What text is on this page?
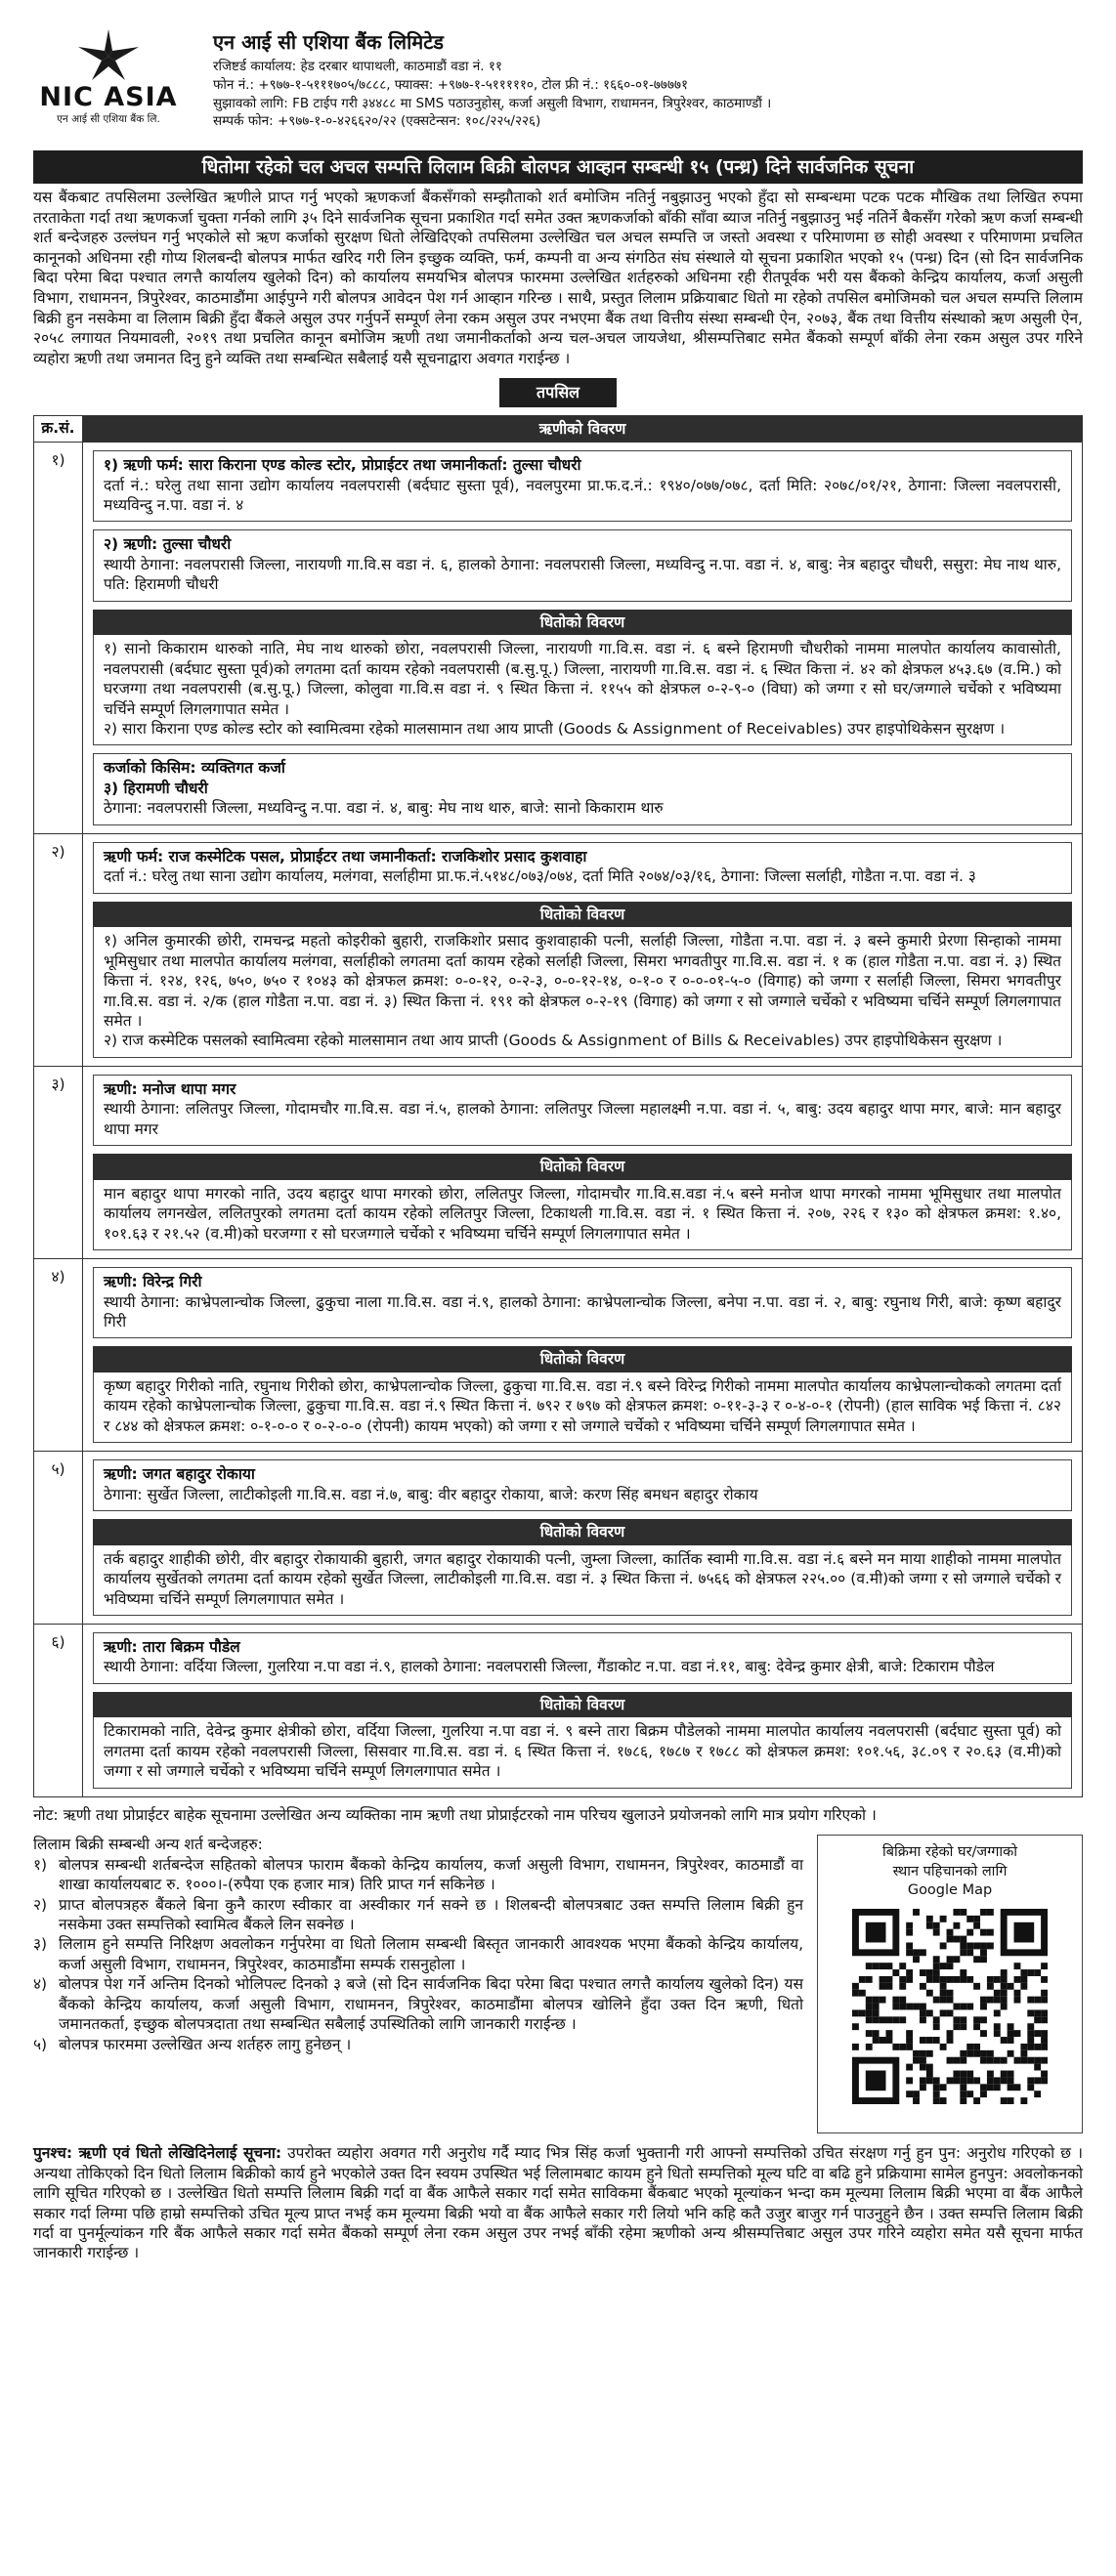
NIC ASIA
एन आई सी एशिया बैंक लि.
एन आई सी एशिया बैंक लिमिटेड
रजिष्टर्ड कार्यालय: हेड दरबार थापाथली, काठमाडौं वडा नं. ११
फोन नं.: +९७७-१-५१११७०५/७८८८, फ्याक्स: +९७७-१-५१११११०, टोल फ्री नं.: १६६०-०१-७७७७१
सुझावको लागि: FB टाईप गरी ३४४८८ मा SMS पठाउनुहोस्, कर्जा असुली विभाग, राधामनन, त्रिपुरेश्वर, काठमाण्डौं ।
सम्पर्क फोन: +९७७-१-०-४२६६२०/२२ (एक्सटेन्सन: १०८/२२५/२२६)
धितोमा रहेको चल अचल सम्पत्ति लिलाम बिक्री बोलपत्र आव्हान सम्बन्धी १५ (पन्ध्र) दिने सार्वजनिक सूचना
यस बैंकबाट तपसिलमा उल्लेखित ऋणीले प्राप्त गर्नु भएको ऋणकर्जा बैंकसँगको सम्झौताको शर्त बमोजिम नतिर्नु नबुझाउनु भएको हुँदा सो सम्बन्धमा पटक पटक मौखिक तथा लिखित रुपमा तरताकेता गर्दा तथा ऋणकर्जा चुक्ता गर्नको लागि ३५ दिने सार्वजनिक सूचना प्रकाशित गर्दा समेत उक्त ऋणकर्जाको बाँकी साँवा ब्याज नतिर्नु नबुझाउनु भई नतिर्ने बैकसँग गरेको ऋण कर्जा सम्बन्धी शर्त बन्देजहरु उल्लंघन गर्नु भएकोले सो ऋण कर्जाको सुरक्षण धितो लेखिदिएको तपसिलमा उल्लेखित चल अचल सम्पत्ति ज जस्तो अवस्था र परिमाणमा छ सोही अवस्था र परिमाणमा प्रचलित कानूनको अधिनमा रही गोप्य शिलबन्दी बोलपत्र मार्फत खरिद गरी लिन इच्छुक व्यक्ति, फर्म, कम्पनी वा अन्य संगठित संघ संस्थाले यो सूचना प्रकाशित भएको १५ (पन्ध्र) दिन (सो दिन सार्वजनिक बिदा परेमा बिदा पश्चात लगत्तै कार्यालय खुलेको दिन) को कार्यालय समयभित्र बोलपत्र फारममा उल्लेखित शर्तहरुको अधिनमा रही रीतपूर्वक भरी यस बैंकको केन्द्रिय कार्यालय, कर्जा असुली विभाग, राधामनन, त्रिपुरेश्वर, काठमाडौंमा आईपुग्ने गरी बोलपत्र आवेदन पेश गर्न आव्हान गरिन्छ । साथै, प्रस्तुत लिलाम प्रक्रियाबाट धितो मा रहेको तपसिल बमोजिमको चल अचल सम्पत्ति लिलाम बिक्री हुन नसकेमा वा लिलाम बिक्री हुँदा बैंकले असुल उपर गर्नुपर्ने सम्पूर्ण लेना रकम असुल उपर नभएमा बैंक तथा वित्तीय संस्था सम्बन्धी ऐन, २०७३, बैंक तथा वित्तीय संस्थाको ऋण असुली ऐन, २०५८ लगायत नियमावली, २०१९ तथा प्रचलित कानून बमोजिम ऋणी तथा जमानीकर्ताको अन्य चल-अचल जायजेथा, श्रीसम्पत्तिबाट समेत बैंकको सम्पूर्ण बाँकी लेना रकम असुल उपर गरिने व्यहोरा ऋणी तथा जमानत दिनु हुने व्यक्ति तथा सम्बन्धित सबैलाई यसै सूचनाद्वारा अवगत गराईन्छ ।
तपसिल
क्र.सं.	ऋणीको विवरण
१)	१) ऋणी फर्म: सारा किराना एण्ड कोल्ड स्टोर, प्रोप्राईटर तथा जमानीकर्ता: तुल्सा चौधरी
दर्ता नं.: घरेलु तथा साना उद्योग कार्यालय नवलपरासी (बर्दघाट सुस्ता पूर्व), नवलपुरमा प्रा.फ.द.नं.: १९४०/०७७/०७८, दर्ता मिति: २०७८/०१/२१, ठेगाना: जिल्ला नवलपरासी, मध्यविन्दु न.पा. वडा नं. ४
२) ऋणी: तुल्सा चौधरी
स्थायी ठेगाना: नवलपरासी जिल्ला, नारायणी गा.वि.स वडा नं. ६, हालको ठेगाना: नवलपरासी जिल्ला, मध्यविन्दु न.पा. वडा नं. ४, बाबु: नेत्र बहादुर चौधरी, ससुरा: मेघ नाथ थारु, पति: हिरामणी चौधरी
धितोको विवरण
१) सानो किकाराम थारुको नाति, मेघ नाथ थारुको छोरा, नवलपरासी जिल्ला, नारायणी गा.वि.स. वडा नं. ६ बस्ने हिरामणी चौधरीको नाममा मालपोत कार्यालय कावासोती, नवलपरासी (बर्दघाट सुस्ता पूर्व)को लगतमा दर्ता कायम रहेको नवलपरासी (ब.सु.पू.) जिल्ला, नारायणी गा.वि.स. वडा नं. ६ स्थित कित्ता नं. ४२ को क्षेत्रफल ४५३.६७ (व.मि.) को घरजग्गा तथा नवलपरासी (ब.सु.पू.) जिल्ला, कोलुवा गा.वि.स वडा नं. ९ स्थित कित्ता नं. ११५५ को क्षेत्रफल ०-२-९-० (विघा) को जग्गा र सो घर/जग्गाले चर्चेको र भविष्यमा चर्चिने सम्पूर्ण लिगलगापात समेत ।
२) सारा किराना एण्ड कोल्ड स्टोर को स्वामित्वमा रहेको मालसामान तथा आय प्राप्ती (Goods & Assignment of Receivables) उपर हाइपोथिकेसन सुरक्षण ।
कर्जाको किसिम: व्यक्तिगत कर्जा
३) हिरामणी चौधरी
ठेगाना: नवलपरासी जिल्ला, मध्यविन्दु न.पा. वडा नं. ४, बाबु: मेघ नाथ थारु, बाजे: सानो किकाराम थारु
२)	ऋणी फर्म: राज कस्मेटिक पसल, प्रोप्राईटर तथा जमानीकर्ता: राजकिशोर प्रसाद कुशवाहा
दर्ता नं.: घरेलु तथा साना उद्योग कार्यालय, मलंगवा, सर्लाहीमा प्रा.फ.नं.५१४८/०७३/०७४, दर्ता मिति २०७४/०३/१६, ठेगाना: जिल्ला सर्लाही, गोडैता न.पा. वडा नं. ३
धितोको विवरण
१) अनिल कुमारकी छोरी, रामचन्द्र महतो कोइरीको बुहारी, राजकिशोर प्रसाद कुशवाहाकी पत्नी, सर्लाही जिल्ला, गोडैता न.पा. वडा नं. ३ बस्ने कुमारी प्रेरणा सिन्हाको नाममा भूमिसुधार तथा मालपोत कार्यालय मलंगवा, सर्लाहीको लगतमा दर्ता कायम रहेको सर्लाही जिल्ला, सिमरा भगवतीपुर गा.वि.स. वडा नं. १ क (हाल गोडैता न.पा. वडा नं. ३) स्थित कित्ता नं. १२४, १२६, ७५०, ७५० र १०४३ को क्षेत्रफल क्रमश: ०-०-१२, ०-२-३, ०-०-१२-१४, ०-१-० र ०-०-०१-५-० (विगाह) को जग्गा र सर्लाही जिल्ला, सिमरा भगवतीपुर गा.वि.स. वडा नं. २/क (हाल गोडैता न.पा. वडा नं. ३) स्थित कित्ता नं. १९१ को क्षेत्रफल ०-२-१९ (विगाह) को जग्गा र सो जग्गाले चर्चेको र भविष्यमा चर्चिने सम्पूर्ण लिगलगापात समेत ।
२) राज कस्मेटिक पसलको स्वामित्वमा रहेको मालसामान तथा आय प्राप्ती (Goods & Assignment of Bills & Receivables) उपर हाइपोथिकेसन सुरक्षण ।
३)	ऋणी: मनोज थापा मगर
स्थायी ठेगाना: ललितपुर जिल्ला, गोदामचौर गा.वि.स. वडा नं.५, हालको ठेगाना: ललितपुर जिल्ला महालक्ष्मी न.पा. वडा नं. ५, बाबु: उदय बहादुर थापा मगर, बाजे: मान बहादुर थापा मगर
धितोको विवरण
मान बहादुर थापा मगरको नाति, उदय बहादुर थापा मगरको छोरा, ललितपुर जिल्ला, गोदामचौर गा.वि.स.वडा नं.५ बस्ने मनोज थापा मगरको नाममा भूमिसुधार तथा मालपोत कार्यालय लगनखेल, ललितपुरको लगतमा दर्ता कायम रहेको ललितपुर जिल्ला, टिकाथली गा.वि.स. वडा नं. १ स्थित कित्ता नं. २०७, २२६ र १३० को क्षेत्रफल क्रमश: १.४०, १०१.६३ र २१.५२ (व.मी)को घरजग्गा र सो घरजग्गाले चर्चेको र भविष्यमा चर्चिने सम्पूर्ण लिगलगापात समेत ।
४)	ऋणी: विरेन्द्र गिरी
स्थायी ठेगाना: काभ्रेपलान्चोक जिल्ला, ढुकुचा नाला गा.वि.स. वडा नं.९, हालको ठेगाना: काभ्रेपलान्चोक जिल्ला, बनेपा न.पा. वडा नं. २, बाबु: रघुनाथ गिरी, बाजे: कृष्ण बहादुर गिरी
धितोको विवरण
कृष्ण बहादुर गिरीको नाति, रघुनाथ गिरीको छोरा, काभ्रेपलान्चोक जिल्ला, ढुकुचा गा.वि.स. वडा नं.९ बस्ने विरेन्द्र गिरीको नाममा मालपोत कार्यालय काभ्रेपलान्चोकको लगतमा दर्ता कायम रहेको काभ्रेपलान्चोक जिल्ला, ढुकुचा गा.वि.स. वडा नं.९ स्थित कित्ता नं. ७९२ र ७९७ को क्षेत्रफल क्रमश: ०-११-३-३ र ०-४-०-१ (रोपनी) (हाल साविक भई कित्ता नं. ८४२ र ८४४ को क्षेत्रफल क्रमश: ०-१-०-० र ०-२-०-० (रोपनी) कायम भएको) को जग्गा र सो जग्गाले चर्चेको र भविष्यमा चर्चिने सम्पूर्ण लिगलगापात समेत ।
५)	ऋणी: जगत बहादुर रोकाया
ठेगाना: सुर्खेत जिल्ला, लाटीकोइली गा.वि.स. वडा नं.७, बाबु: वीर बहादुर रोकाया, बाजे: करण सिंह बमधन बहादुर रोकाय
धितोको विवरण
तर्क बहादुर शाहीकी छोरी, वीर बहादुर रोकायाकी बुहारी, जगत बहादुर रोकायाकी पत्नी, जुम्ला जिल्ला, कार्तिक स्वामी गा.वि.स. वडा नं.६ बस्ने मन माया शाहीको नाममा मालपोत कार्यालय सुर्खेतको लगतमा दर्ता कायम रहेको सुर्खेत जिल्ला, लाटीकोइली गा.वि.स. वडा नं. ३ स्थित कित्ता नं. ७५६६ को क्षेत्रफल २२५.०० (व.मी)को जग्गा र सो जग्गाले चर्चेको र भविष्यमा चर्चिने सम्पूर्ण लिगलगापात समेत ।
६)	ऋणी: तारा बिक्रम पौडेल
स्थायी ठेगाना: वर्दिया जिल्ला, गुलरिया न.पा वडा नं.९, हालको ठेगाना: नवलपरासी जिल्ला, गैंडाकोट न.पा. वडा नं.११, बाबु: देवेन्द्र कुमार क्षेत्री, बाजे: टिकाराम पौडेल
धितोको विवरण
टिकारामको नाति, देवेन्द्र कुमार क्षेत्रीको छोरा, वर्दिया जिल्ला, गुलरिया न.पा वडा नं. ९ बस्ने तारा बिक्रम पौडेलको नाममा मालपोत कार्यालय नवलपरासी (बर्दघाट सुस्ता पूर्व) को लगतमा दर्ता कायम रहेको नवलपरासी जिल्ला, सिसवार गा.वि.स. वडा नं. ६ स्थित कित्ता नं. १७८६, १७८७ र १७८८ को क्षेत्रफल क्रमश: १०१.५६, ३८.०९ र २०.६३ (व.मी)को जग्गा र सो जग्गाले चर्चेको र भविष्यमा चर्चिने सम्पूर्ण लिगलगापात समेत ।
नोट: ऋणी तथा प्रोप्राईटर बाहेक सूचनामा उल्लेखित अन्य व्यक्तिका नाम ऋणी तथा प्रोप्राईटरको नाम परिचय खुलाउने प्रयोजनको लागि मात्र प्रयोग गरिएको ।
लिलाम बिक्री सम्बन्धी अन्य शर्त बन्देजहरु:
१) बोलपत्र सम्बन्धी शर्तबन्देज सहितको बोलपत्र फाराम बैंकको केन्द्रिय कार्यालय, कर्जा असुली विभाग, राधामनन, त्रिपुरेश्वर, काठमाडौं वा शाखा कार्यालयबाट रु. १०००।-(रुपैया एक हजार मात्र) तिरि प्राप्त गर्न सकिनेछ ।
२) प्राप्त बोलपत्रहरु बैंकले बिना कुनै कारण स्वीकार वा अस्वीकार गर्न सक्ने छ । शिलबन्दी बोलपत्रबाट उक्त सम्पत्ति लिलाम बिक्री हुन नसकेमा उक्त सम्पत्तिको स्वामित्व बैंकले लिन सक्नेछ ।
३) लिलाम हुने सम्पत्ति निरिक्षण अवलोकन गर्नुपरेमा वा धितो लिलाम सम्बन्धी बिस्तृत जानकारी आवश्यक भएमा बैंकको केन्द्रिय कार्यालय, कर्जा असुली विभाग, राधामनन, त्रिपुरेश्वर, काठमाडौंमा सम्पर्क रासनुहोला ।
४) बोलपत्र पेश गर्ने अन्तिम दिनको भोलिपल्ट दिनको ३ बजे (सो दिन सार्वजनिक बिदा परेमा बिदा पश्चात लगत्तै कार्यालय खुलेको दिन) यस बैंकको केन्द्रिय कार्यालय, कर्जा असुली विभाग, राधामनन, त्रिपुरेश्वर, काठमाडौंमा बोलपत्र खोलिने हुँदा उक्त दिन ऋणी, धितो जमानतकर्ता, इच्छुक बोलपत्रदाता तथा सम्बन्धित सबैलाई उपस्थितिको लागि जानकारी गराईन्छ ।
५) बोलपत्र फारममा उल्लेखित अन्य शर्तहरु लागु हुनेछन् ।
बिक्रिमा रहेको घर/जग्गाको
स्थान पहिचानको लागि
Google Map
पुनश्च: ऋणी एवं धितो लेखिदिनेलाई सूचना: उपरोक्त व्यहोरा अवगत गरी अनुरोध गर्दै म्याद भित्र सिंह कर्जा भुक्तानी गरी आफ्नो सम्पत्तिको उचित संरक्षण गर्नु हुन पुन: अनुरोध गरिएको छ । अन्यथा तोकिएको दिन धितो लिलाम बिक्रीको कार्य हुने भएकोले उक्त दिन स्वयम उपस्थित भई लिलामबाट कायम हुने धितो सम्पत्तिको मूल्य घटि वा बढि हुने प्रक्रियामा सामेल हुनपुन: अवलोकनको लागि सूचित गरिएको छ । उल्लेखित धितो सम्पत्ति लिलाम बिक्री गर्दा वा बैंक आफैले सकार गर्दा समेत साविकमा बैंकबाट भएको मूल्यांकन भन्दा कम मूल्यमा लिलाम बिक्री भएमा वा बैंक आफैले सकार गर्दा लिग्मा पछि हाम्रो सम्पत्तिको उचित मूल्य प्राप्त नभई कम मूल्यमा बिक्री भयो वा बैंक आफैले सकार गरी लियो भनि कहि कतै उजुर बाजुर गर्न पाउनुहुने छैन । उक्त सम्पत्ति लिलाम बिक्री गर्दा वा पुनर्मूल्यांकन गरि बैंक आफैले सकार गर्दा समेत बैंकको सम्पूर्ण लेना रकम असुल उपर नभई बाँकी रहेमा ऋणीको अन्य श्रीसम्पत्तिबाट असुल उपर गरिने व्यहोरा समेत यसै सूचना मार्फत जानकारी गराईन्छ ।
